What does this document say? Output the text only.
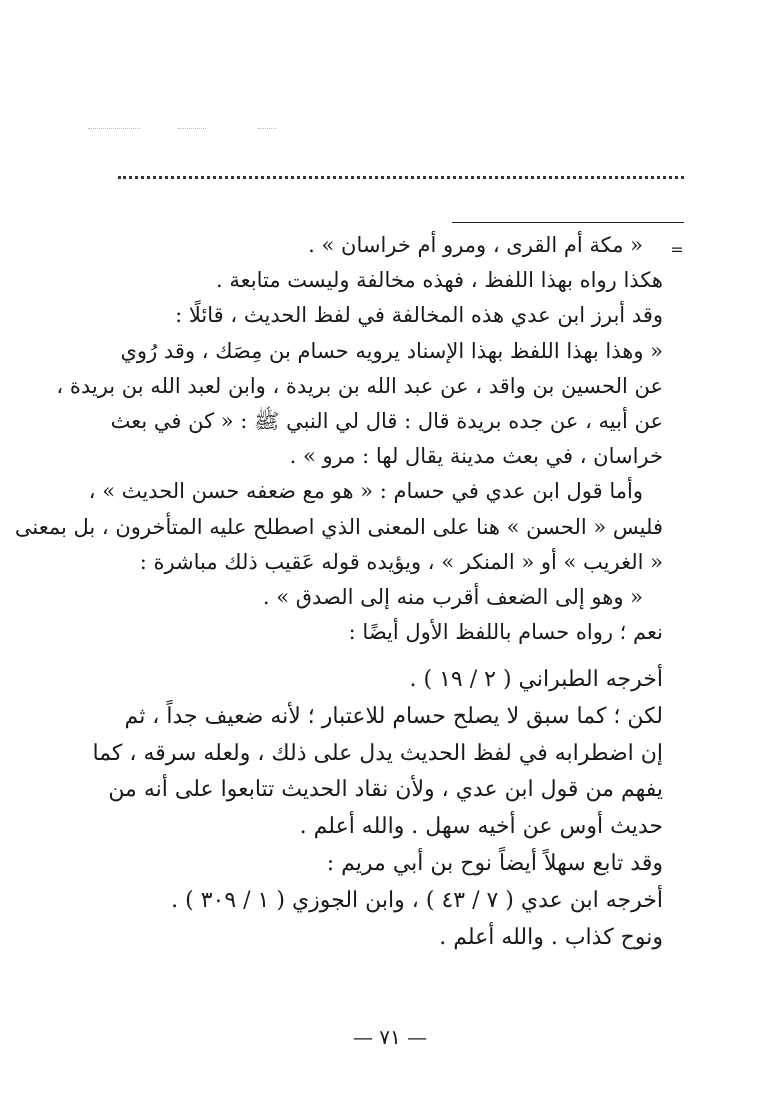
=
« مكة أم القرى ، ومرو أم خراسان » .
هكذا رواه بهذا اللفظ ، فهذه مخالفة وليست متابعة .
وقد أبرز ابن عدي هذه المخالفة في لفظ الحديث ، قائلًا :
« وهذا بهذا اللفظ بهذا الإسناد يرويه حسام بن مِصَك ، وقد رُوي
عن الحسين بن واقد ، عن عبد الله بن بريدة ، وابن لعبد الله بن بريدة ،
عن أبيه ، عن جده بريدة قال : قال لي النبي ﷺ : « كن في بعث
خراسان ، في بعث مدينة يقال لها : مرو » .
وأما قول ابن عدي في حسام : « هو مع ضعفه حسن الحديث » ،
فليس « الحسن » هنا على المعنى الذي اصطلح عليه المتأخرون ، بل بمعنى
« الغريب » أو « المنكر » ، ويؤيده قوله عَقيب ذلك مباشرة :
« وهو إلى الضعف أقرب منه إلى الصدق » .
نعم ؛ رواه حسام باللفظ الأول أيضًا :
أخرجه الطبراني ( ٢ / ١٩ ) .
لكن ؛ كما سبق لا يصلح حسام للاعتبار ؛ لأنه ضعيف جداً ، ثم
إن اضطرابه في لفظ الحديث يدل على ذلك ، ولعله سرقه ، كما
يفهم من قول ابن عدي ، ولأن نقاد الحديث تتابعوا على أنه من
حديث أوس عن أخيه سهل . والله أعلم .
وقد تابع سهلاً أيضاً نوح بن أبي مريم :
أخرجه ابن عدي ( ٧ / ٤٣ ) ، وابن الجوزي ( ١ / ٣٠٩ ) .
ونوح كذاب . والله أعلم .
— ٧١ —
